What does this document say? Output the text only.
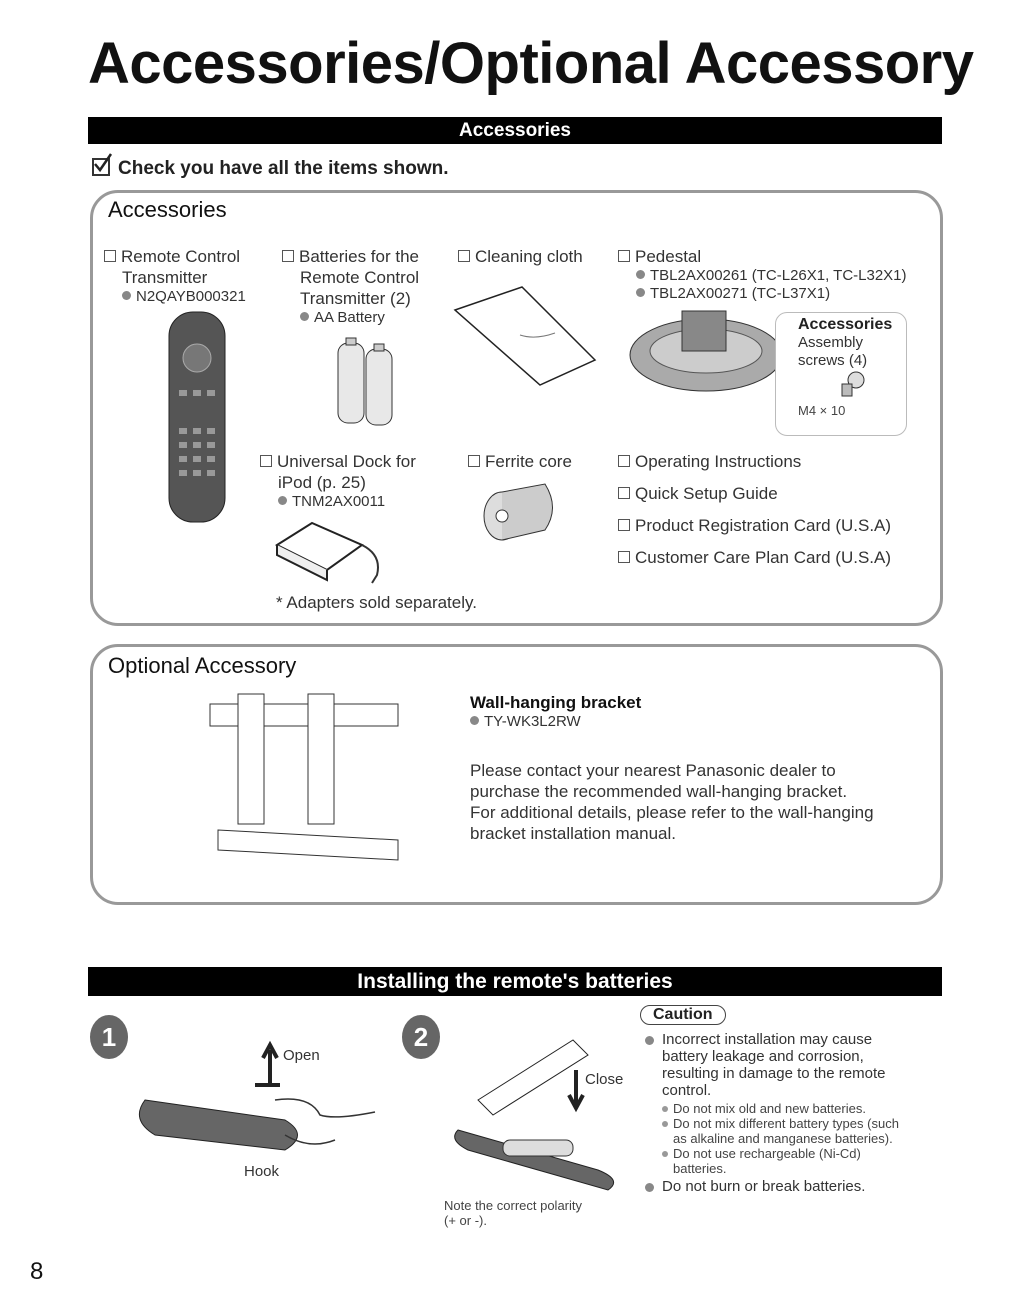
Accessories/Optional Accessory
Accessories
Check you have all the items shown.
Accessories
Remote Control
Transmitter
N2QAYB000321
Batteries for the
Remote Control
Transmitter (2)
AA Battery
Cleaning cloth	Pedestal
TBL2AX00261 (TC-L26X1, TC-L32X1)
TBL2AX00271 (TC-L37X1)
Accessories
Assembly
screws (4)
M4 × 10
Universal Dock for
iPod (p. 25)
TNM2AX0011
Ferrite core	Operating Instructions
Quick Setup Guide
Product Registration Card (U.S.A)
Customer Care Plan Card (U.S.A)
* Adapters sold separately.
Optional Accessory
Wall-hanging bracket
TY-WK3L2RW
Please contact your nearest Panasonic dealer to
purchase the recommended wall-hanging bracket.
For additional details, please refer to the wall-hanging
bracket installation manual.
Installing the remote's batteries
1	2
Open
Hook
Close
Note the correct polarity
(+ or -).
Caution
Incorrect installation may cause
battery leakage and corrosion,
resulting in damage to the remote
control.
Do not mix old and new batteries.
Do not mix different battery types (such
as alkaline and manganese batteries).
Do not use rechargeable (Ni-Cd)
batteries.
Do not burn or break batteries.
8
